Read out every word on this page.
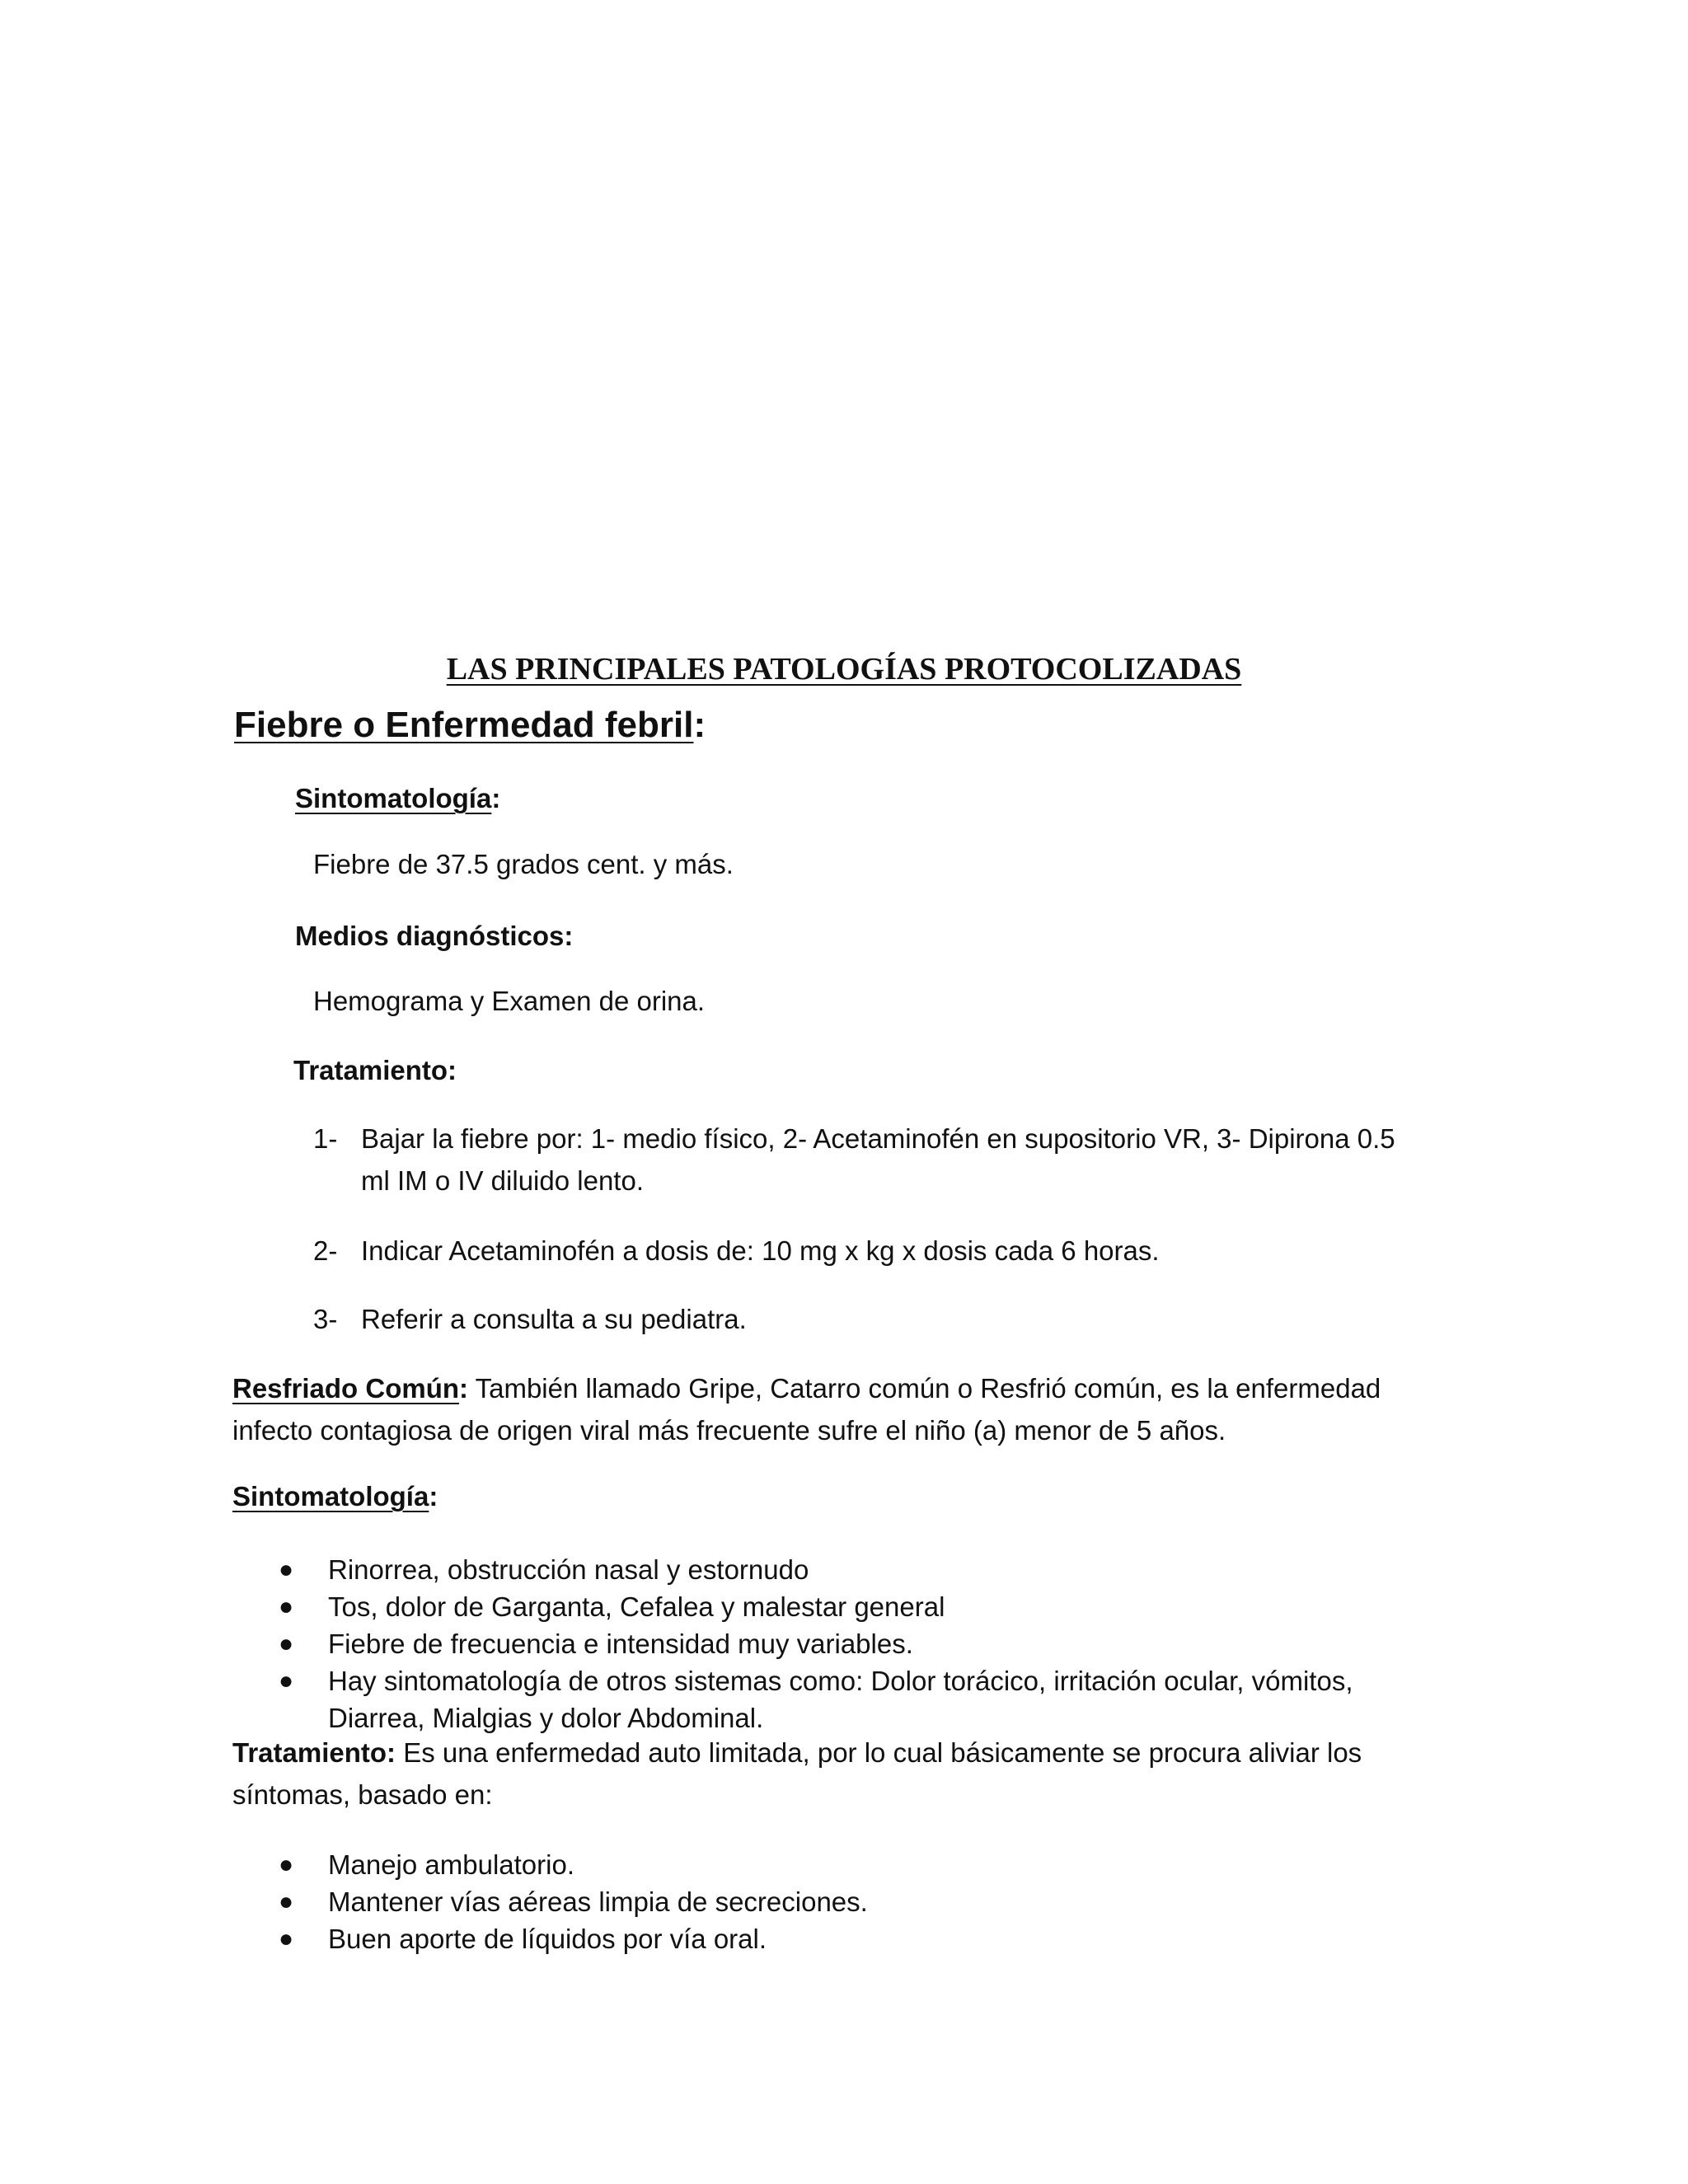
LAS PRINCIPALES PATOLOGÍAS PROTOCOLIZADAS
Fiebre o Enfermedad febril:
Sintomatología:
Fiebre de 37.5 grados cent. y más.
Medios diagnósticos:
Hemograma y Examen de orina.
Tratamiento:
1- Bajar la fiebre por: 1- medio físico, 2- Acetaminofén en supositorio VR, 3- Dipirona 0.5
ml IM o IV diluido lento.
2- Indicar Acetaminofén a dosis de: 10 mg x kg x dosis cada 6 horas.
3- Referir a consulta a su pediatra.
Resfriado Común: También llamado Gripe, Catarro común o Resfrió común, es la enfermedad
infecto contagiosa de origen viral más frecuente sufre el niño (a) menor de 5 años.
Sintomatología:
● Rinorrea, obstrucción nasal y estornudo
● Tos, dolor de Garganta, Cefalea y malestar general
● Fiebre de frecuencia e intensidad muy variables.
● Hay sintomatología de otros sistemas como: Dolor torácico, irritación ocular, vómitos,
Diarrea, Mialgias y dolor Abdominal.
Tratamiento: Es una enfermedad auto limitada, por lo cual básicamente se procura aliviar los
síntomas, basado en:
● Manejo ambulatorio.
● Mantener vías aéreas limpia de secreciones.
● Buen aporte de líquidos por vía oral.
